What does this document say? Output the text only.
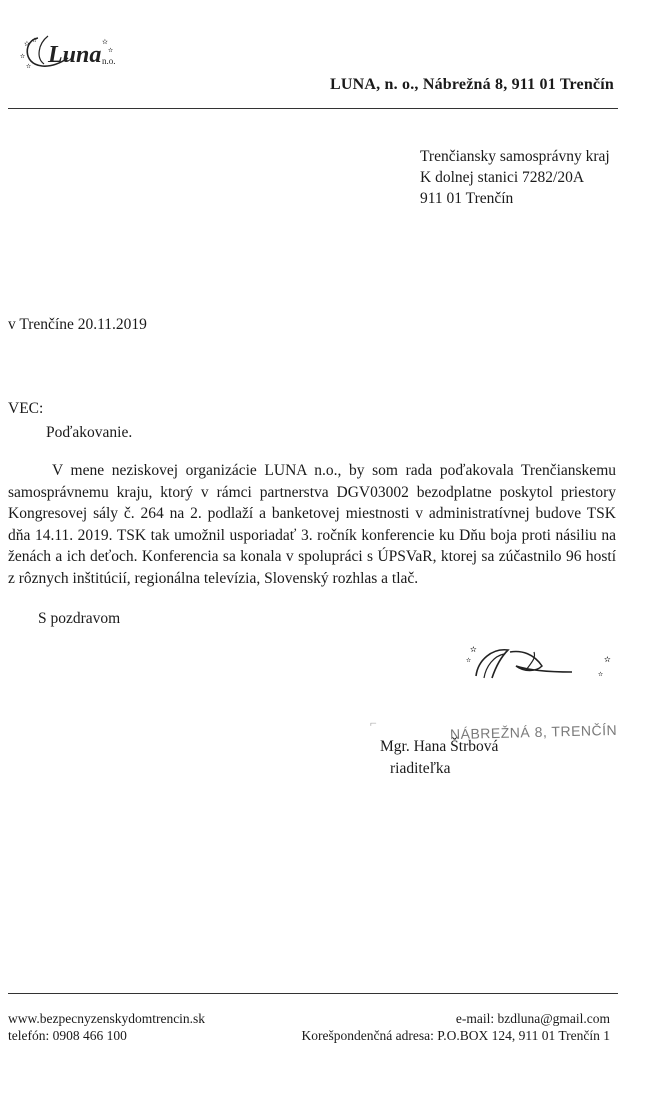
Luna n.o.
✫ ✫
✫
✫
✫
✫
LUNA, n. o., Nábrežná 8, 911 01 Trenčín
Trenčiansky samosprávny kraj
K dolnej stanici 7282/20A
911 01 Trenčín
v Trenčíne 20.11.2019
VEC:
Poďakovanie.
V mene neziskovej organizácie LUNA n.o., by som rada poďakovala Trenčianskemu samosprávnemu kraju, ktorý v rámci partnerstva DGV03002 bezodplatne poskytol priestory Kongresovej sály č. 264 na 2. podlaží a banketovej miestnosti v administratívnej budove TSK dňa 14.11. 2019. TSK tak umožnil usporiadať 3. ročník konferencie ku Dňu boja proti násiliu na ženách a ich deťoch. Konferencia sa konala v spolupráci s ÚPSVaR, ktorej sa zúčastnilo 96 hostí z rôznych inštitúcií, regionálna televízia, Slovenský rozhlas a tlač.
S pozdravom
✫
✫	✫
✫
⌐	NÁBREŽNÁ 8, TRENČÍN
Mgr. Hana Štrbová
riaditeľka
www.bezpecnyzenskydomtrencin.sk
telefón: 0908 466 100
e-mail: bzdluna@gmail.com
Korešpondenčná adresa: P.O.BOX 124, 911 01 Trenčín 1
